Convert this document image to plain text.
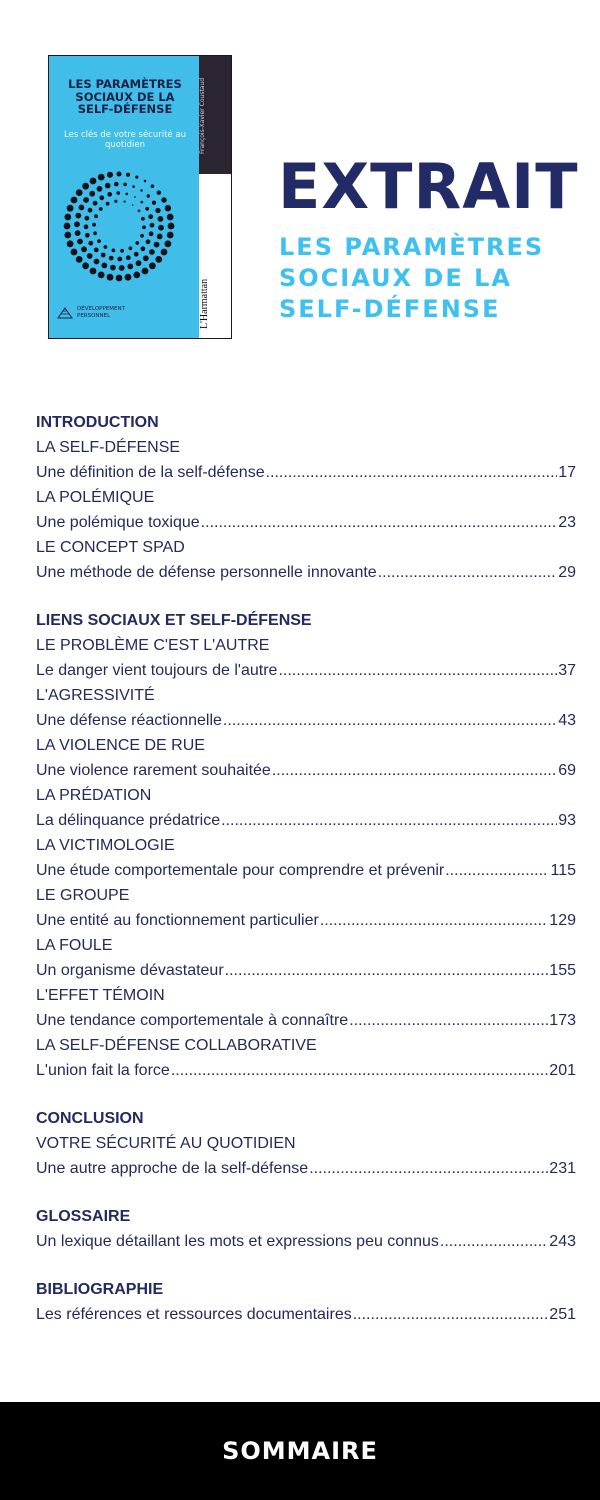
François-Xavier Coustaud
L'Harmattan
LES PARAMÈTRES SOCIAUX DE LA SELF-DÉFENSE
Les clés de votre sécurité au quotidien
DÉVELOPPEMENT PERSONNEL
EXTRAIT
LES PARAMÈTRES SOCIAUX DE LA SELF-DÉFENSE
INTRODUCTION
LA SELF-DÉFENSE
Une définition de la self-défense .....	17
LA POLÉMIQUE
Une polémique toxique .....	23
LE CONCEPT SPAD
Une méthode de défense personnelle innovante .....	29
LIENS SOCIAUX ET SELF-DÉFENSE
LE PROBLÈME C'EST L'AUTRE
Le danger vient toujours de l'autre .....	37
L'AGRESSIVITÉ
Une défense réactionnelle .....	43
LA VIOLENCE DE RUE
Une violence rarement souhaitée .....	69
LA PRÉDATION
La délinquance prédatrice .....	93
LA VICTIMOLOGIE
Une étude comportementale pour comprendre et prévenir .....	115
LE GROUPE
Une entité au fonctionnement particulier .....	129
LA FOULE
Un organisme dévastateur .....	155
L'EFFET TÉMOIN
Une tendance comportementale à connaître .....	173
LA SELF-DÉFENSE COLLABORATIVE
L'union fait la force .....	201
CONCLUSION
VOTRE SÉCURITÉ AU QUOTIDIEN
Une autre approche de la self-défense .....	231
GLOSSAIRE
Un lexique détaillant les mots et expressions peu connus .....	243
BIBLIOGRAPHIE
Les références et ressources documentaires .....	251
SOMMAIRE
